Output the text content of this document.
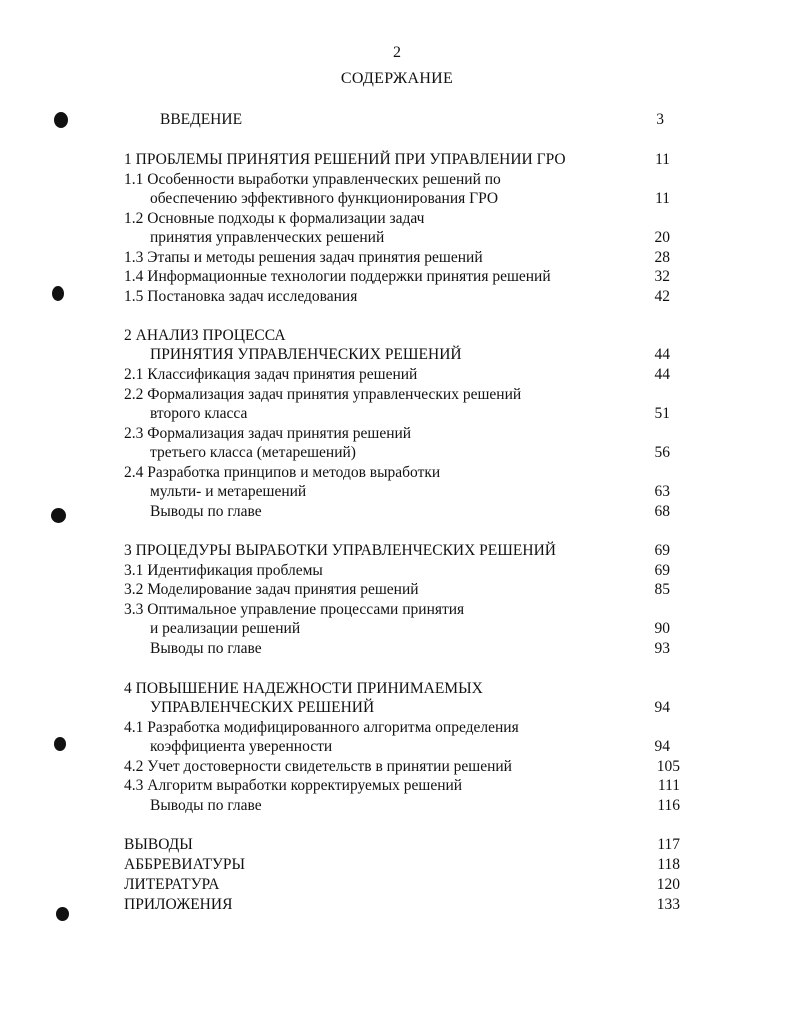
2
СОДЕРЖАНИЕ
ВВЕДЕНИЕ	3
1 ПРОБЛЕМЫ ПРИНЯТИЯ РЕШЕНИЙ ПРИ УПРАВЛЕНИИ ГРО	11
1.1 Особенности выработки управленческих решений по
обеспечению эффективного функционирования ГРО	11
1.2 Основные подходы к формализации задач
принятия управленческих решений	20
1.3 Этапы и методы решения задач принятия решений	28
1.4 Информационные технологии поддержки принятия решений	32
1.5 Постановка задач исследования	42
2 АНАЛИЗ ПРОЦЕССА
ПРИНЯТИЯ УПРАВЛЕНЧЕСКИХ РЕШЕНИЙ	44
2.1 Классификация задач принятия решений	44
2.2 Формализация задач принятия управленческих решений
второго класса	51
2.3 Формализация задач принятия решений
третьего класса (метарешений)	56
2.4 Разработка принципов и методов выработки
мульти- и метарешений	63
Выводы по главе	68
3 ПРОЦЕДУРЫ ВЫРАБОТКИ УПРАВЛЕНЧЕСКИХ РЕШЕНИЙ	69
3.1 Идентификация проблемы	69
3.2 Моделирование задач принятия решений	85
3.3 Оптимальное управление процессами принятия
и реализации решений	90
Выводы по главе	93
4 ПОВЫШЕНИЕ НАДЕЖНОСТИ ПРИНИМАЕМЫХ
УПРАВЛЕНЧЕСКИХ РЕШЕНИЙ	94
4.1 Разработка модифицированного алгоритма определения
коэффициента уверенности	94
4.2 Учет достоверности свидетельств в принятии решений	105
4.3 Алгоритм выработки корректируемых решений	111
Выводы по главе	116
ВЫВОДЫ	117
АББРЕВИАТУРЫ	118
ЛИТЕРАТУРА	120
ПРИЛОЖЕНИЯ	133
